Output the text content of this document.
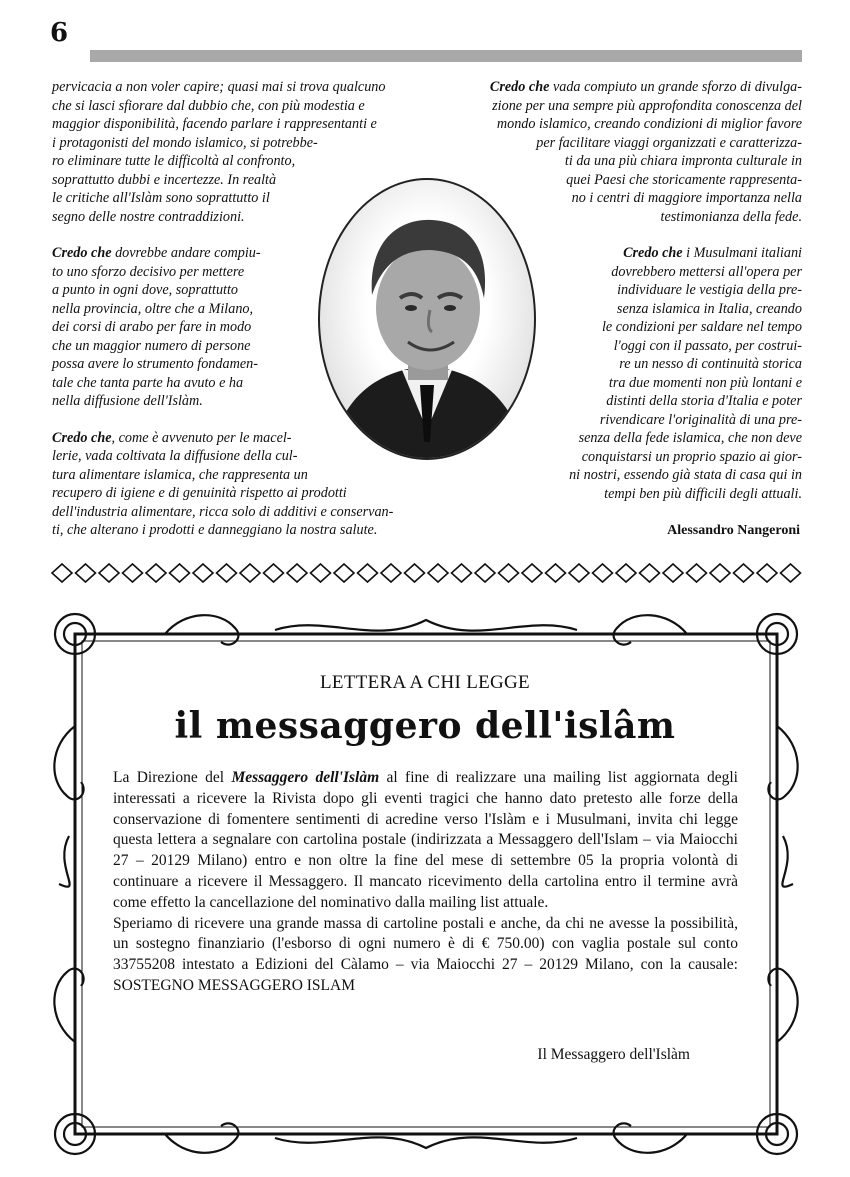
6

pervicacia a non voler capire; quasi mai si trova qualcuno
che si lasci sfiorare dal dubbio che, con più modestia e
maggior disponibilità, facendo parlare i rappresentanti e
i protagonisti del mondo islamico, si potrebbe-
ro eliminare tutte le difficoltà al confronto,
soprattutto dubbi e incertezze. In realtà
le critiche all'Islàm sono soprattutto il
segno delle nostre contraddizioni.

Credo che dovrebbe andare compiu-
to uno sforzo decisivo per mettere
a punto in ogni dove, soprattutto
nella provincia, oltre che a Milano,
dei corsi di arabo per fare in modo
che un maggior numero di persone
possa avere lo strumento fondamen-
tale che tanta parte ha avuto e ha
nella diffusione dell'Islàm.

Credo che, come è avvenuto per le macel-
lerie, vada coltivata la diffusione della cul-
tura alimentare islamica, che rappresenta un
recupero di igiene e di genuinità rispetto ai prodotti
dell'industria alimentare, ricca solo di additivi e conservan-
ti, che alterano i prodotti e danneggiano la nostra salute.

Credo che vada compiuto un grande sforzo di divulga-
zione per una sempre più approfondita conoscenza del
mondo islamico, creando condizioni di miglior favore
per facilitare viaggi organizzati e caratterizza-
ti da una più chiara impronta culturale in
quei Paesi che storicamente rappresenta-
no i centri di maggiore importanza nella
testimonianza della fede.

Credo che i Musulmani italiani
dovrebbero mettersi all'opera per
individuare le vestigia della pre-
senza islamica in Italia, creando
le condizioni per saldare nel tempo
l'oggi con il passato, per costrui-
re un nesso di continuità storica
tra due momenti non più lontani e
distinti della storia d'Italia e poter
rivendicare l'originalità di una pre-
senza della fede islamica, che non deve
conquistarsi un proprio spazio ai gior-
ni nostri, essendo già stata di casa qui in
tempi ben più difficili degli attuali.

Alessandro Nangeroni
LETTERA A CHI LEGGE
il messaggero dell'islâm

La Direzione del Messaggero dell'Islàm al fine di realizzare una mailing list aggiornata degli interessati a ricevere la Rivista dopo gli eventi tragici che hanno dato pretesto alle forze della conservazione di fomentere sentimenti di acredine verso l'Islàm e i Musulmani, invita chi legge questa lettera a segnalare con cartolina postale (indirizzata a Messaggero dell'Islam – via Maiocchi 27 – 20129 Milano) entro e non oltre la fine del mese di settembre 05 la propria volontà di continuare a ricevere il Messaggero. Il mancato ricevimento della cartolina entro il termine avrà come effetto la cancellazione del nominativo dalla mailing list attuale.

Speriamo di ricevere una grande massa di cartoline postali e anche, da chi ne avesse la possibilità, un sostegno finanziario (l'esborso di ogni numero è di € 750.00) con vaglia postale sul conto 33755208 intestato a Edizioni del Càlamo – via Maiocchi 27 – 20129 Milano, con la causale: SOSTEGNO MESSAGGERO ISLAM

Il Messaggero dell'Islàm
